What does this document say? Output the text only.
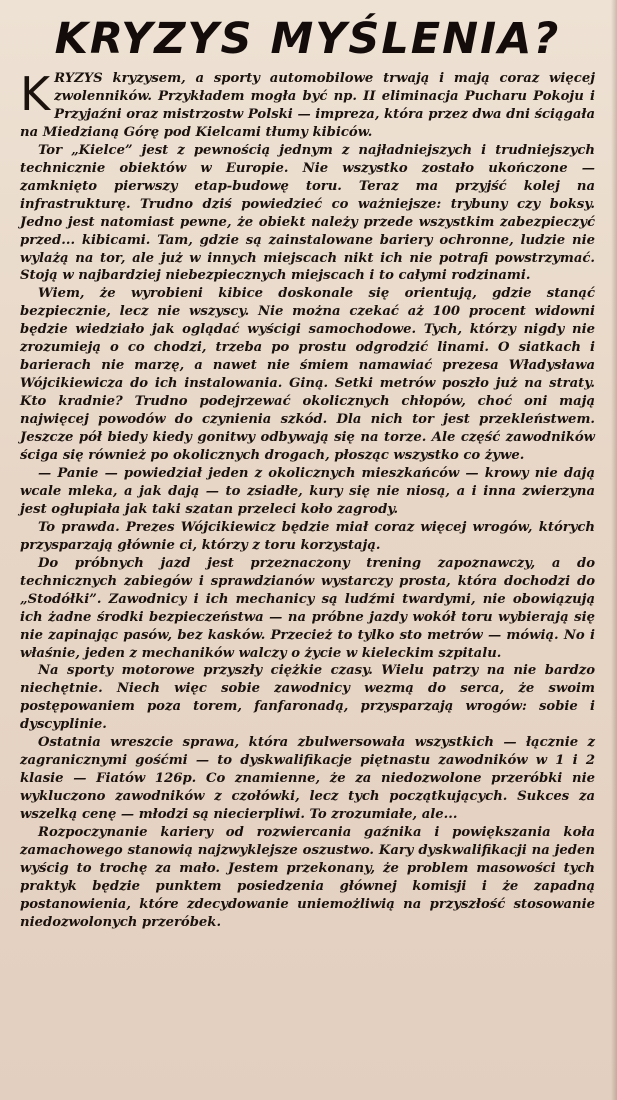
KRYZYS MYŚLENIA?

KRYZYS kryzysem, a sporty automobilowe trwają i mają coraz więcej zwolenników. Przykładem mogła być np. II eliminacja Pucharu Pokoju i Przyjaźni oraz mistrzostw Polski — impreza, która przez dwa dni ściągała na Miedzianą Górę pod Kielcami tłumy kibiców.

Tor „Kielce” jest z pewnością jednym z najładniejszych i trudniejszych technicznie obiektów w Europie. Nie wszystko zostało ukończone — zamknięto pierwszy etap-budowę toru. Teraz ma przyjść kolej na infrastrukturę. Trudno dziś powiedzieć co ważniejsze: trybuny czy boksy. Jedno jest natomiast pewne, że obiekt należy przede wszystkim zabezpieczyć przed... kibicami. Tam, gdzie są zainstalowane bariery ochronne, ludzie nie wylażą na tor, ale już w innych miejscach nikt ich nie potrafi powstrzymać. Stoją w najbardziej niebezpiecznych miejscach i to całymi rodzinami.

Wiem, że wyrobieni kibice doskonale się orientują, gdzie stanąć bezpiecznie, lecz nie wszyscy. Nie można czekać aż 100 procent widowni będzie wiedziało jak oglądać wyścigi samochodowe. Tych, którzy nigdy nie zrozumieją o co chodzi, trzeba po prostu odgrodzić linami. O siatkach i barierach nie marzę, a nawet nie śmiem namawiać prezesa Władysława Wójcikiewicza do ich instalowania. Giną. Setki metrów poszło już na straty. Kto kradnie? Trudno podejrzewać okolicznych chłopów, choć oni mają najwięcej powodów do czynienia szkód. Dla nich tor jest przekleństwem. Jeszcze pół biedy kiedy gonitwy odbywają się na torze. Ale część zawodników ściga się również po okolicznych drogach, płosząc wszystko co żywe.

— Panie — powiedział jeden z okolicznych mieszkańców — krowy nie dają wcale mleka, a jak dają — to zsiadłe, kury się nie niosą, a i inna zwierzyna jest ogłupiała jak taki szatan przeleci koło zagrody.

To prawda. Prezes Wójcikiewicz będzie miał coraz więcej wrogów, których przysparzają głównie ci, którzy z toru korzystają.

Do próbnych jazd jest przeznaczony trening zapoznawczy, a do technicznych zabiegów i sprawdzianów wystarczy prosta, która dochodzi do „Stodółki”. Zawodnicy i ich mechanicy są ludźmi twardymi, nie obowiązują ich żadne środki bezpieczeństwa — na próbne jazdy wokół toru wybierają się nie zapinając pasów, bez kasków. Przecież to tylko sto metrów — mówią. No i właśnie, jeden z mechaników walczy o życie w kieleckim szpitalu.

Na sporty motorowe przyszły ciężkie czasy. Wielu patrzy na nie bardzo niechętnie. Niech więc sobie zawodnicy wezmą do serca, że swoim postępowaniem poza torem, fanfaronadą, przysparzają wrogów: sobie i dyscyplinie.

Ostatnia wreszcie sprawa, która zbulwersowała wszystkich — łącznie z zagranicznymi gośćmi — to dyskwalifikacje piętnastu zawodników w 1 i 2 klasie — Fiatów 126p. Co znamienne, że za niedozwolone przeróbki nie wykluczono zawodników z czołówki, lecz tych początkujących. Sukces za wszelką cenę — młodzi są niecierpliwi. To zrozumiałe, ale...

Rozpoczynanie kariery od rozwiercania gaźnika i powiększania koła zamachowego stanowią najzwyklejsze oszustwo. Kary dyskwalifikacji na jeden wyścig to trochę za mało. Jestem przekonany, że problem masowości tych praktyk będzie punktem posiedzenia głównej komisji i że zapadną postanowienia, które zdecydowanie uniemożliwią na przyszłość stosowanie niedozwolonych przeróbek.
